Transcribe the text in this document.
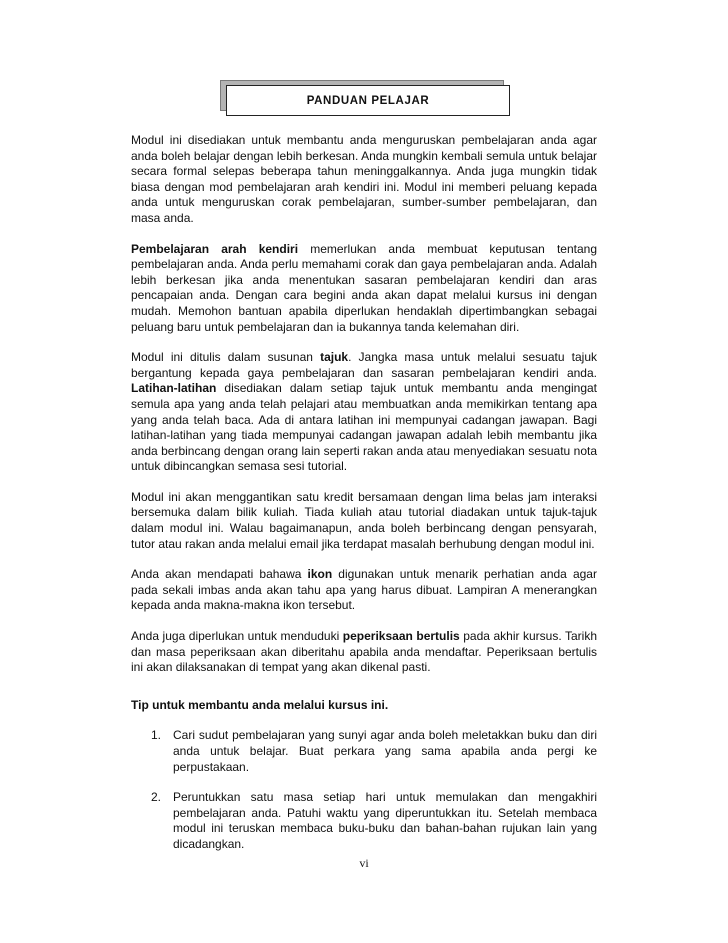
PANDUAN PELAJAR

Modul ini disediakan untuk membantu anda menguruskan pembelajaran anda agar anda boleh belajar dengan lebih berkesan. Anda mungkin kembali semula untuk belajar secara formal selepas beberapa tahun meninggalkannya. Anda juga mungkin tidak biasa dengan mod pembelajaran arah kendiri ini. Modul ini memberi peluang kepada anda untuk menguruskan corak pembelajaran, sumber-sumber pembelajaran, dan masa anda.

Pembelajaran arah kendiri memerlukan anda membuat keputusan tentang pembelajaran anda. Anda perlu memahami corak dan gaya pembelajaran anda. Adalah lebih berkesan jika anda menentukan sasaran pembelajaran kendiri dan aras pencapaian anda. Dengan cara begini anda akan dapat melalui kursus ini dengan mudah. Memohon bantuan apabila diperlukan hendaklah dipertimbangkan sebagai peluang baru untuk pembelajaran dan ia bukannya tanda kelemahan diri.

Modul ini ditulis dalam susunan tajuk. Jangka masa untuk melalui sesuatu tajuk bergantung kepada gaya pembelajaran dan sasaran pembelajaran kendiri anda. Latihan-latihan disediakan dalam setiap tajuk untuk membantu anda mengingat semula apa yang anda telah pelajari atau membuatkan anda memikirkan tentang apa yang anda telah baca. Ada di antara latihan ini mempunyai cadangan jawapan. Bagi latihan-latihan yang tiada mempunyai cadangan jawapan adalah lebih membantu jika anda berbincang dengan orang lain seperti rakan anda atau menyediakan sesuatu nota untuk dibincangkan semasa sesi tutorial.

Modul ini akan menggantikan satu kredit bersamaan dengan lima belas jam interaksi bersemuka dalam bilik kuliah. Tiada kuliah atau tutorial diadakan untuk tajuk-tajuk dalam modul ini. Walau bagaimanapun, anda boleh berbincang dengan pensyarah, tutor atau rakan anda melalui email jika terdapat masalah berhubung dengan modul ini.

Anda akan mendapati bahawa ikon digunakan untuk menarik perhatian anda agar pada sekali imbas anda akan tahu apa yang harus dibuat. Lampiran A menerangkan kepada anda makna-makna ikon tersebut.

Anda juga diperlukan untuk menduduki peperiksaan bertulis pada akhir kursus. Tarikh dan masa peperiksaan akan diberitahu apabila anda mendaftar. Peperiksaan bertulis ini akan dilaksanakan di tempat yang akan dikenal pasti.

Tip untuk membantu anda melalui kursus ini.
1. Cari sudut pembelajaran yang sunyi agar anda boleh meletakkan buku dan diri anda untuk belajar. Buat perkara yang sama apabila anda pergi ke perpustakaan.
2. Peruntukkan satu masa setiap hari untuk memulakan dan mengakhiri pembelajaran anda. Patuhi waktu yang diperuntukkan itu. Setelah membaca modul ini teruskan membaca buku-buku dan bahan-bahan rujukan lain yang dicadangkan.
vi
